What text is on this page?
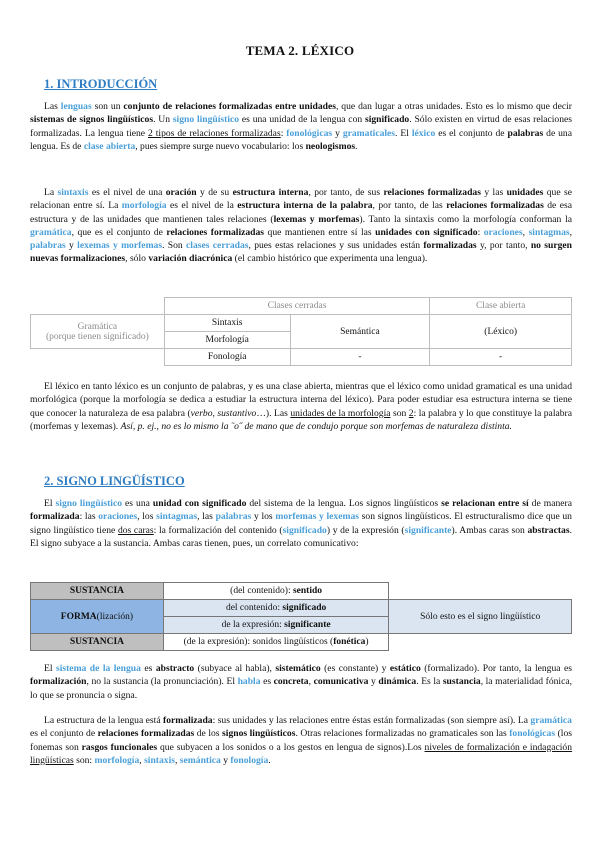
TEMA 2. LÉXICO
1. INTRODUCCIÓN
Las lenguas son un conjunto de relaciones formalizadas entre unidades, que dan lugar a otras unidades. Esto es lo mismo que decir sistemas de signos lingüísticos. Un signo lingüístico es una unidad de la lengua con significado. Sólo existen en virtud de esas relaciones formalizadas. La lengua tiene 2 tipos de relaciones formalizadas: fonológicas y gramaticales. El léxico es el conjunto de palabras de una lengua. Es de clase abierta, pues siempre surge nuevo vocabulario: los neologismos.
La sintaxis es el nivel de una oración y de su estructura interna, por tanto, de sus relaciones formalizadas y las unidades que se relacionan entre sí. La morfología es el nivel de la estructura interna de la palabra, por tanto, de las relaciones formalizadas de esa estructura y de las unidades que mantienen tales relaciones (lexemas y morfemas). Tanto la sintaxis como la morfología conforman la gramática, que es el conjunto de relaciones formalizadas que mantienen entre sí las unidades con significado: oraciones, sintagmas, palabras y lexemas y morfemas. Son clases cerradas, pues estas relaciones y sus unidades están formalizadas y, por tanto, no surgen nuevas formalizaciones, sólo variación diacrónica (el cambio histórico que experimenta una lengua).
	Clases cerradas		Clase abierta

Gramática
(porque tienen significado)	Sintaxis	Semántica	(Léxico)
	Morfología		
	Fonología	-	-
El léxico en tanto léxico es un conjunto de palabras, y es una clase abierta, mientras que el léxico como unidad gramatical es una unidad morfológica (porque la morfología se dedica a estudiar la estructura interna del léxico). Para poder estudiar esa estructura interna se tiene que conocer la naturaleza de esa palabra (verbo, sustantivo…). Las unidades de la morfología son 2: la palabra y lo que constituye la palabra (morfemas y lexemas). Así, p. ej., no es lo mismo la ˜o˝ de mano que de condujo porque son morfemas de naturaleza distinta.
2. SIGNO LINGÜÍSTICO
El signo lingüístico es una unidad con significado del sistema de la lengua. Los signos lingüísticos se relacionan entre sí de manera formalizada: las oraciones, los sintagmas, las palabras y los morfemas y lexemas son signos lingüísticos. El estructuralismo dice que un signo lingüístico tiene dos caras: la formalización del contenido (significado) y de la expresión (significante). Ambas caras son abstractas. El signo subyace a la sustancia. Ambas caras tienen, pues, un correlato comunicativo:
SUSTANCIA	(del contenido): sentido	
FORMA(lización)	del contenido: significado	Sólo esto es el signo lingüístico
	de la expresión: significante	
SUSTANCIA	(de la expresión): sonidos lingüísticos (fonética)	
El sistema de la lengua es abstracto (subyace al habla), sistemático (es constante) y estático (formalizado). Por tanto, la lengua es formalización, no la sustancia (la pronunciación). El habla es concreta, comunicativa y dinámica. Es la sustancia, la materialidad fónica, lo que se pronuncia o signa.
La estructura de la lengua está formalizada: sus unidades y las relaciones entre éstas están formalizadas (son siempre así). La gramática es el conjunto de relaciones formalizadas de los signos lingüísticos. Otras relaciones formalizadas no gramaticales son las fonológicas (los fonemas son rasgos funcionales que subyacen a los sonidos o a los gestos en lengua de signos).Los niveles de formalización e indagación lingüísticas son: morfología, sintaxis, semántica y fonología.
